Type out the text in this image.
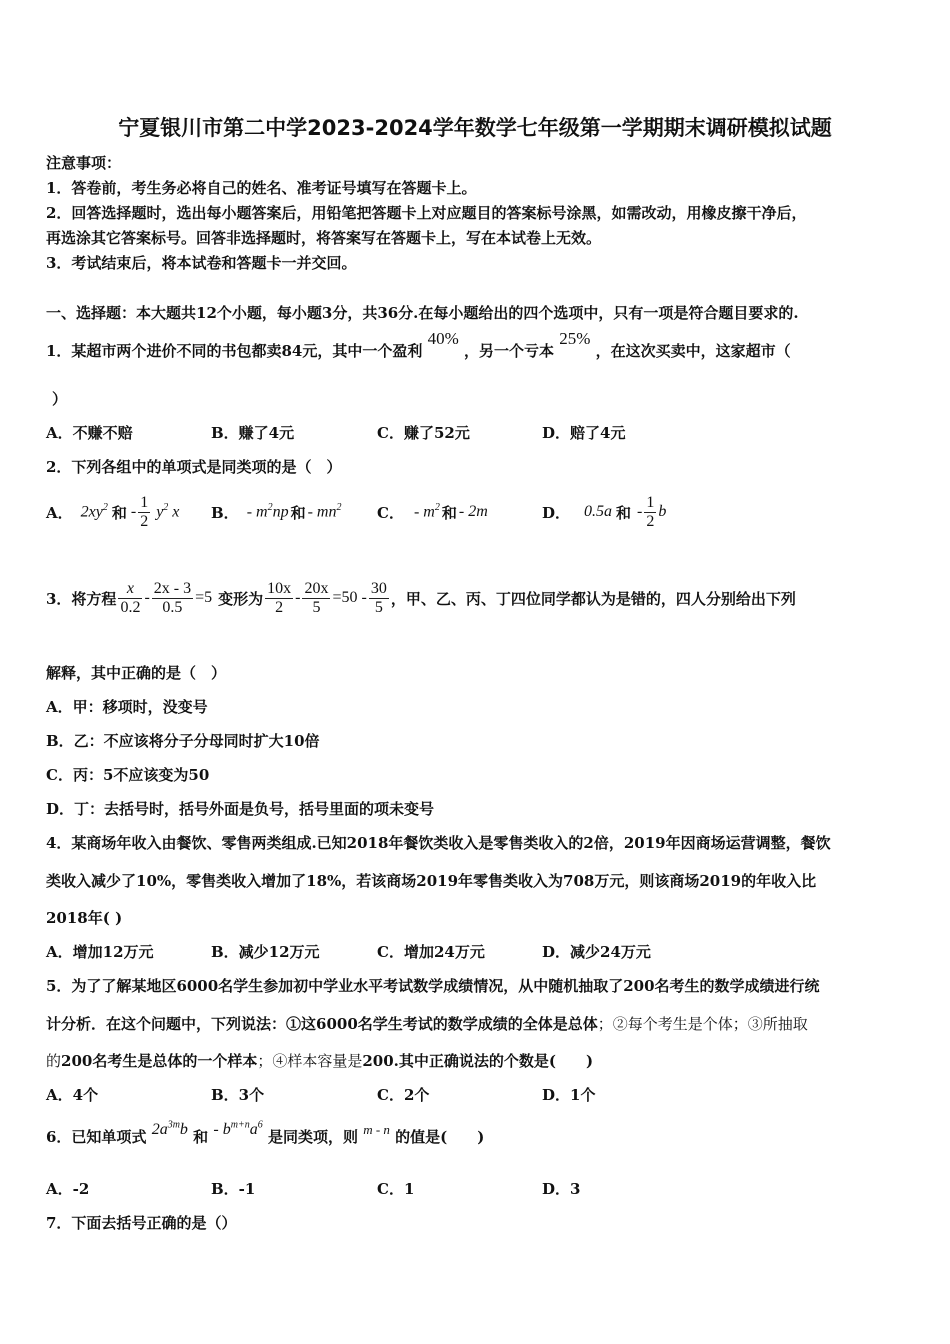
宁夏银川市第二中学2023-2024学年数学七年级第一学期期末调研模拟试题
注意事项：
1．答卷前，考生务必将自己的姓名、准考证号填写在答题卡上。
2．回答选择题时，选出每小题答案后，用铅笔把答题卡上对应题目的答案标号涂黑，如需改动，用橡皮擦干净后，
再选涂其它答案标号。回答非选择题时，将答案写在答题卡上，写在本试卷上无效。
3．考试结束后，将本试卷和答题卡一并交回。
一、选择题：本大题共12个小题，每小题3分，共36分.在每小题给出的四个选项中，只有一项是符合题目要求的.
1．某超市两个进价不同的书包都卖84元，其中一个盈利 40% ，另一个亏本 25% ，在这次买卖中，这家超市（
）
A．不赚不赔	B．赚了4元	C．赚了52元	D．赔了4元
2．下列各组中的单项式是同类项的是（　）
A． $2xy^2$ 和 - $\frac{1}{2} y^2$ x B． - $m^2np$ 和 - $mn^2$ C． - $m^2$ 和 - 2m	D． 0.5a 和 - $\frac{1}{2}$ b
3．将方程 $\frac{x}{0.2} - \frac{2x - 3}{0.5} =5$ 变形为 $\frac{10x}{2} - \frac{20x}{5} =50 - \frac{30}{5}$ ，甲、乙、丙、丁四位同学都认为是错的，四人分别给出下列
解释，其中正确的是（　）
A．甲：移项时，没变号
B．乙：不应该将分子分母同时扩大10倍
C．丙：5不应该变为50
D．丁：去括号时，括号外面是负号，括号里面的项未变号
4．某商场年收入由餐饮、零售两类组成.已知2018年餐饮类收入是零售类收入的2倍，2019年因商场运营调整，餐饮
类收入减少了10%，零售类收入增加了18%，若该商场2019年零售类收入为708万元，则该商场2019的年收入比
2018年( )
A．增加12万元	B．减少12万元	C．增加24万元	D．减少24万元
5．为了了解某地区6000名学生参加初中学业水平考试数学成绩情况，从中随机抽取了200名考生的数学成绩进行统
计分析．在这个问题中，下列说法：①这6000名学生考试的数学成绩的全体是总体；②每个考生是个体；③所抽取
的200名考生是总体的一个样本；④样本容量是200.其中正确说法的个数是(　　)
A．4个	B．3个	C．2个	D．1个
6．已知单项式 $2a^{3m}b$ 和 - $b^{m+n}a^6$ 是同类项，则 m - n 的值是(　　)
A．-2	B．-1	C．1	D．3
7．下面去括号正确的是（）
